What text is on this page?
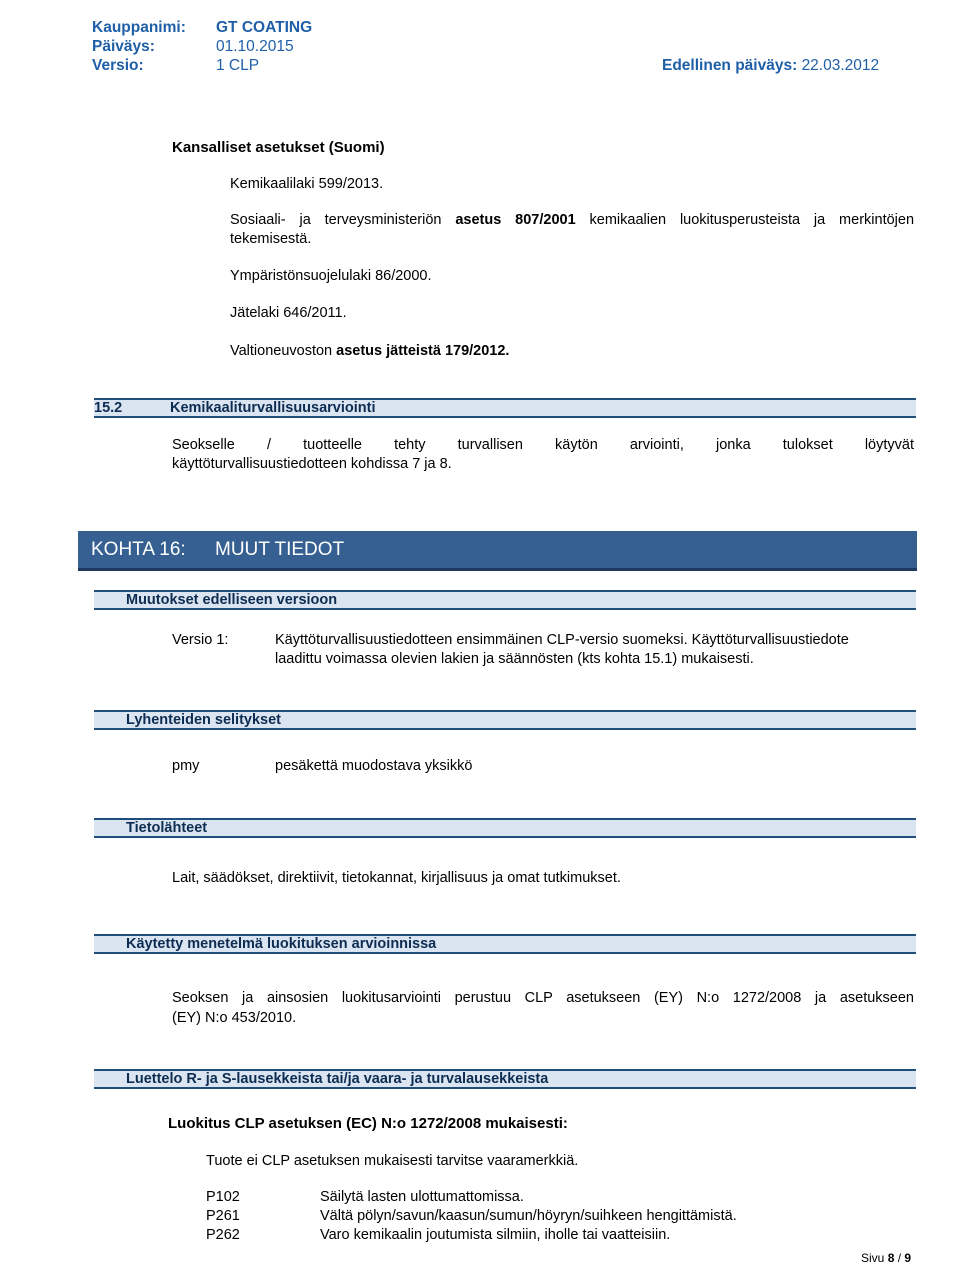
Kauppanimi: GT COATING
Päiväys:	01.10.2015
Versio:	1 CLP	Edellinen päiväys: 22.03.2012
Kansalliset asetukset (Suomi)
Kemikaalilaki 599/2013.
Sosiaali- ja terveysministeriön asetus 807/2001 kemikaalien luokitusperusteista ja merkintöjen
tekemisestä.
Ympäristönsuojelulaki 86/2000.
Jätelaki 646/2011.
Valtioneuvoston asetus jätteistä 179/2012.
15.2	Kemikaaliturvallisuusarviointi
Seokselle / tuotteelle tehty turvallisen käytön arviointi, jonka tulokset löytyvät
käyttöturvallisuustiedotteen kohdissa 7 ja 8.
KOHTA 16: MUUT TIEDOT
Muutokset edelliseen versioon
Versio 1:	Käyttöturvallisuustiedotteen ensimmäinen CLP-versio suomeksi. Käyttöturvallisuustiedote
laadittu voimassa olevien lakien ja säännösten (kts kohta 15.1) mukaisesti.
Lyhenteiden selitykset
pmy	pesäkettä muodostava yksikkö
Tietolähteet
Lait, säädökset, direktiivit, tietokannat, kirjallisuus ja omat tutkimukset.
Käytetty menetelmä luokituksen arvioinnissa
Seoksen ja ainsosien luokitusarviointi perustuu CLP asetukseen (EY) N:o 1272/2008 ja asetukseen
(EY) N:o 453/2010.
Luettelo R- ja S-lausekkeista tai/ja vaara- ja turvalausekkeista
Luokitus CLP asetuksen (EC) N:o 1272/2008 mukaisesti:
Tuote ei CLP asetuksen mukaisesti tarvitse vaaramerkkiä.
P102	Säilytä lasten ulottumattomissa.
P261	Vältä pölyn/savun/kaasun/sumun/höyryn/suihkeen hengittämistä.
P262	Varo kemikaalin joutumista silmiin, iholle tai vaatteisiin.
Sivu 8 / 9
